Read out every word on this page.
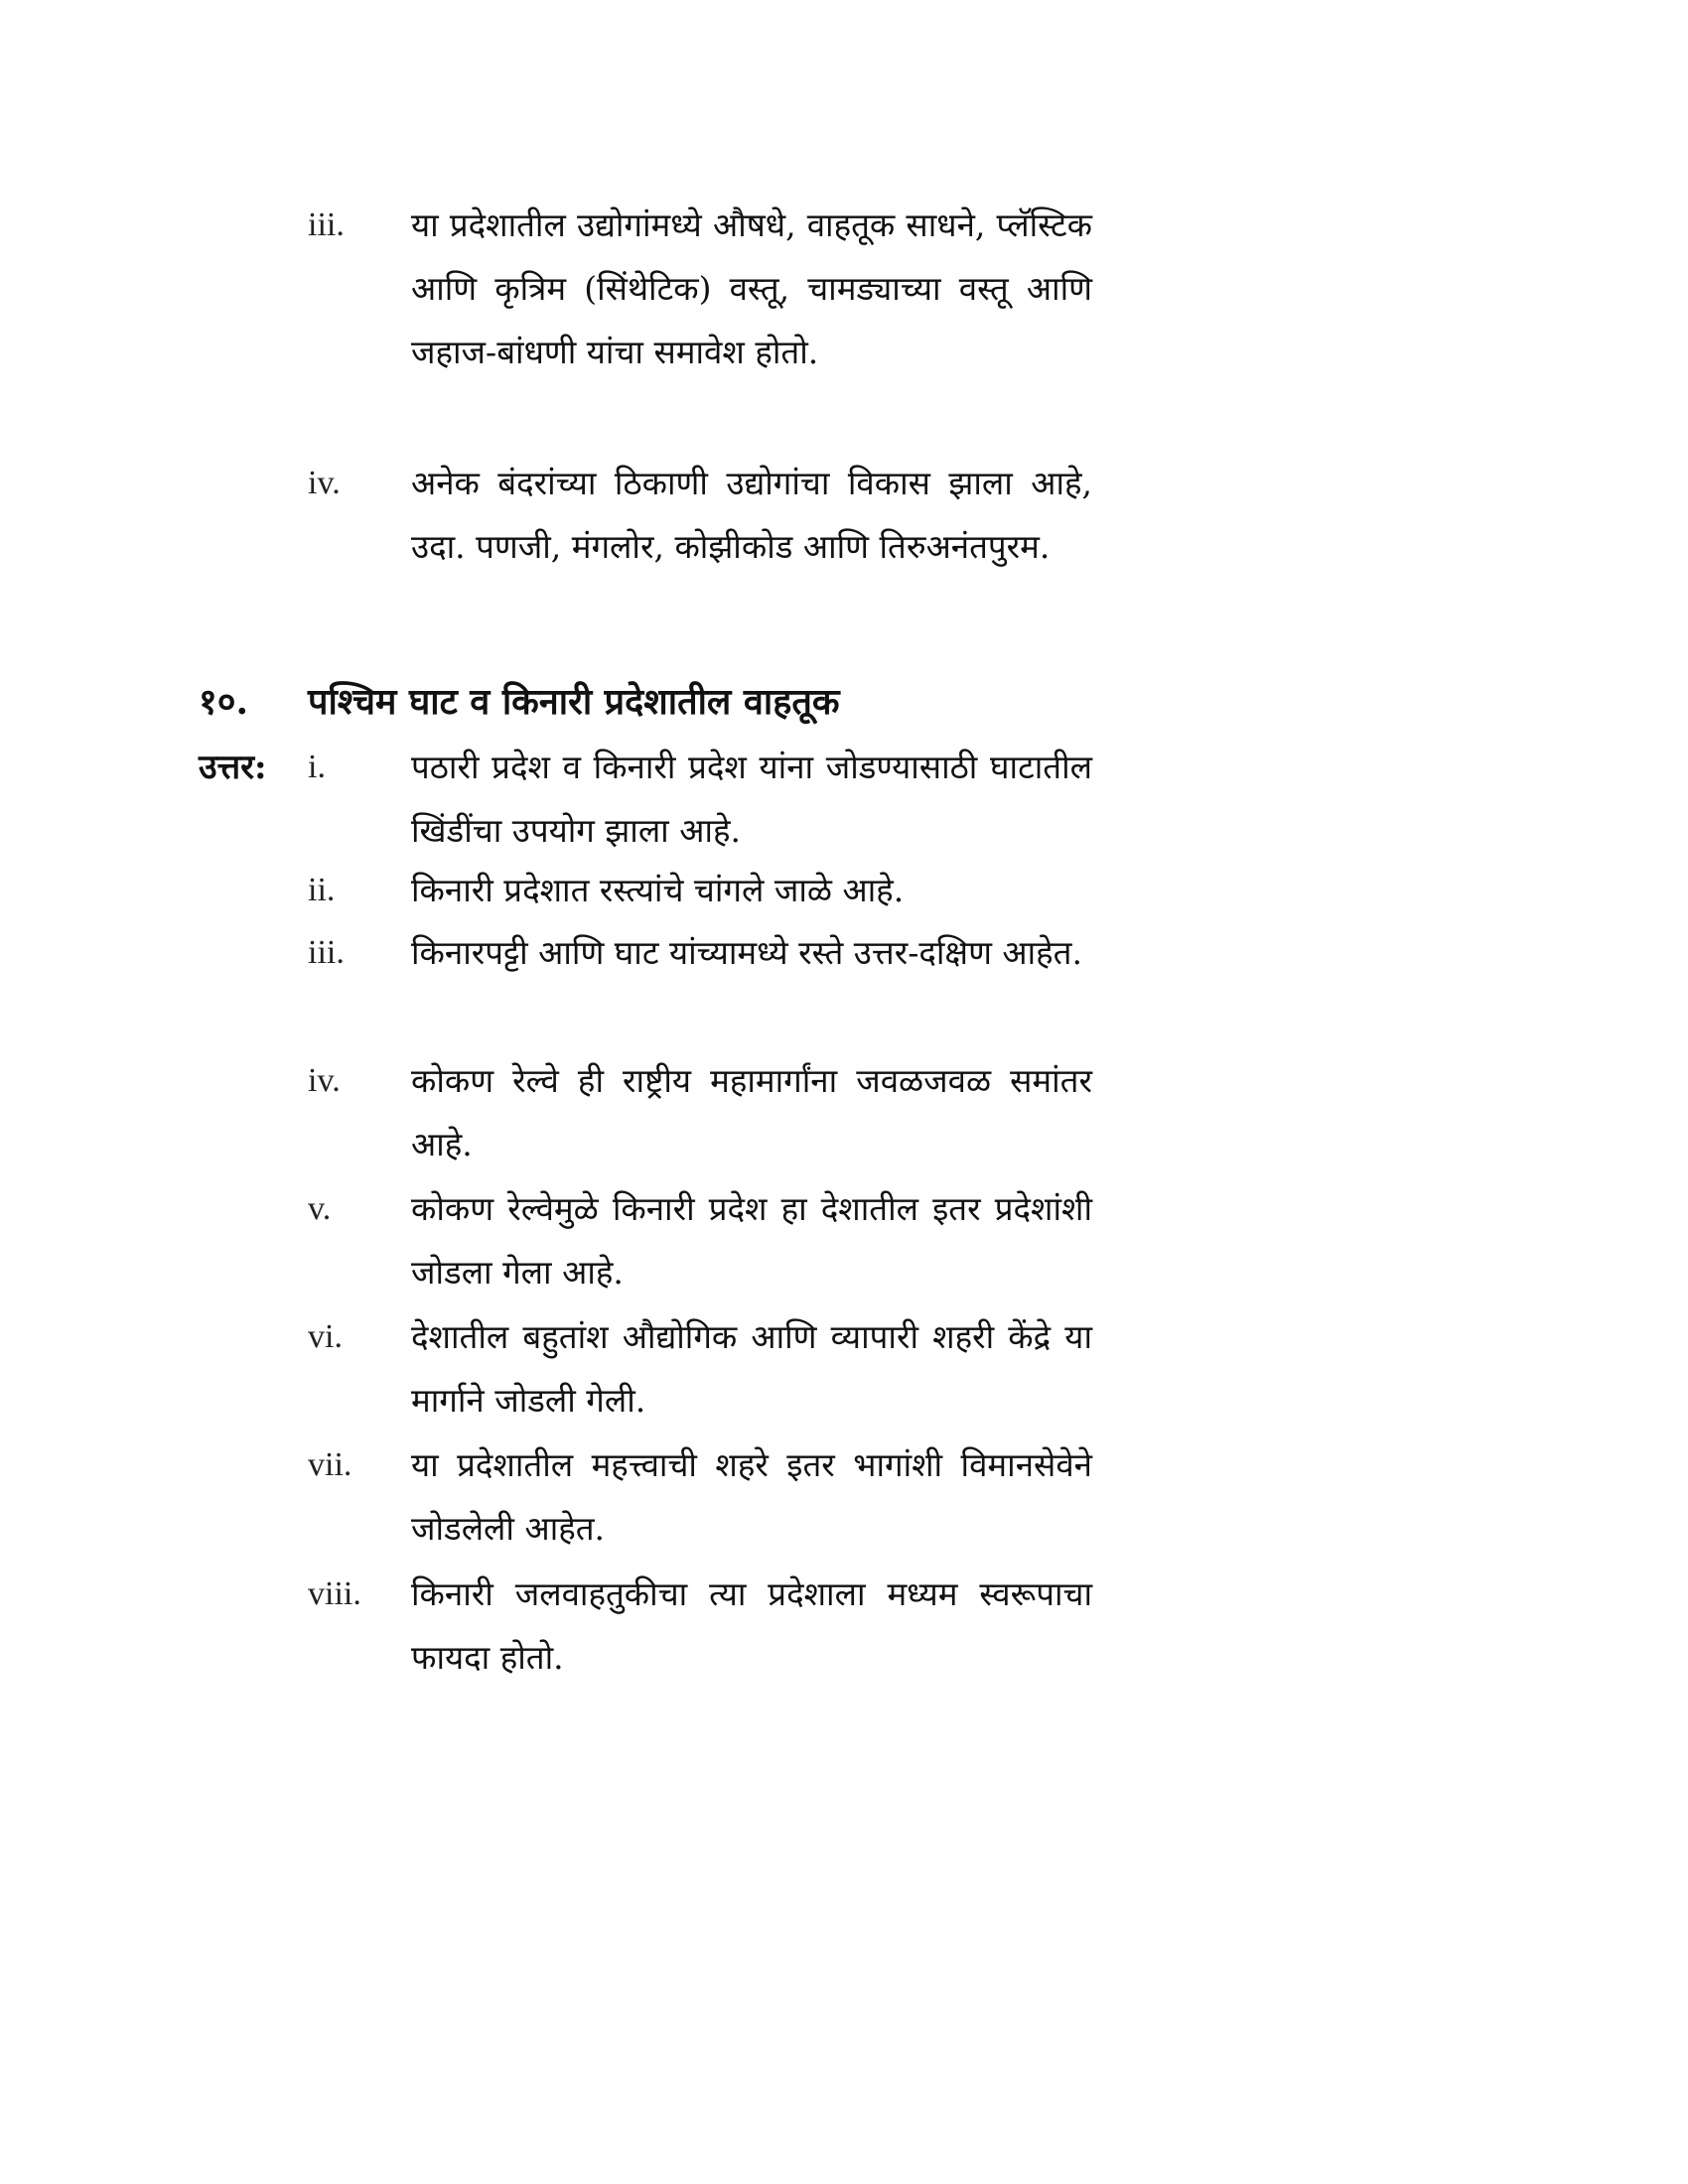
iii.	या प्रदेशातील उद्योगांमध्ये औषधे, वाहतूक साधने, प्लॅस्टिक आणि कृत्रिम (सिंथेटिक) वस्तू, चामड्याच्या वस्तू आणि जहाज-बांधणी यांचा समावेश होतो.
iv.	अनेक बंदरांच्या ठिकाणी उद्योगांचा विकास झाला आहे, उदा. पणजी, मंगलोर, कोझीकोड आणि तिरुअनंतपुरम.
१०. पश्चिम घाट व किनारी प्रदेशातील वाहतूक
उत्तर: i.	पठारी प्रदेश व किनारी प्रदेश यांना जोडण्यासाठी घाटातील खिंडींचा उपयोग झाला आहे.
ii.	किनारी प्रदेशात रस्त्यांचे चांगले जाळे आहे.
iii.	किनारपट्टी आणि घाट यांच्यामध्ये रस्ते उत्तर-दक्षिण आहेत.
iv.	कोकण रेल्वे ही राष्ट्रीय महामार्गांना जवळजवळ समांतर आहे.
v.	कोकण रेल्वेमुळे किनारी प्रदेश हा देशातील इतर प्रदेशांशी जोडला गेला आहे.
vi.	देशातील बहुतांश औद्योगिक आणि व्यापारी शहरी केंद्रे या मार्गाने जोडली गेली.
vii.	या प्रदेशातील महत्त्वाची शहरे इतर भागांशी विमानसेवेने जोडलेली आहेत.
viii.	किनारी जलवाहतुकीचा त्या प्रदेशाला मध्यम स्वरूपाचा फायदा होतो.
